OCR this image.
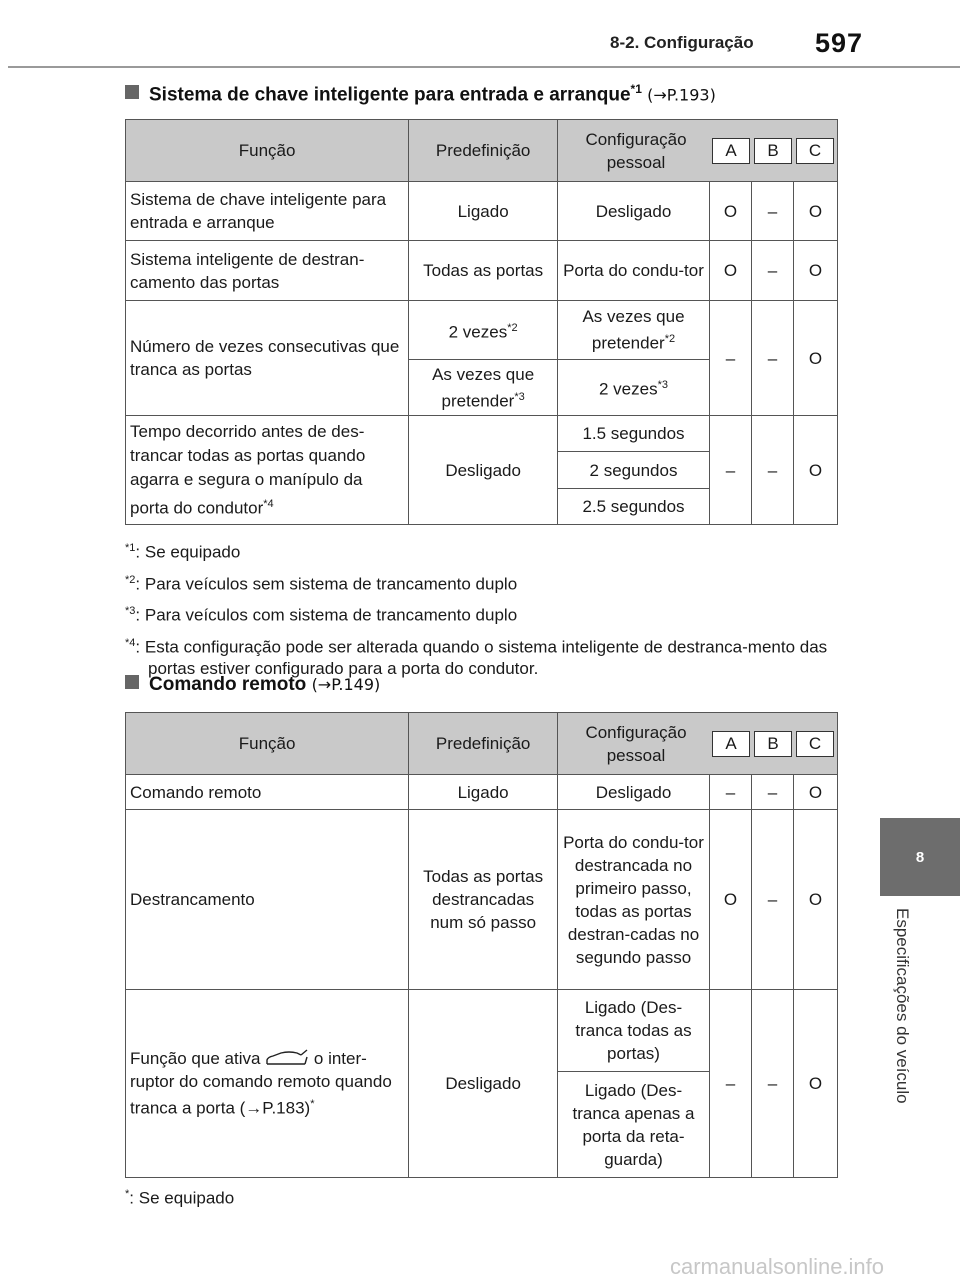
8-2. Configuração 597
8
Especificações do veículo
Sistema de chave inteligente para entrada e arranque$^{*1}$ (→P.193)
Função	Predefinição	Configuração pessoal
A B C			

Sistema de chave inteligente para entrada e arranque	Ligado	Desligado	O	–	O
Sistema inteligente de destran-camento das portas	Todas as portas	Porta do condu-tor	O	–	O
Número de vezes consecutivas que tranca as portas	2 vezes$^{*2}$	As vezes que pretender$^{*2}$	–	–	O
	As vezes que pretender$^{*3}$	2 vezes$^{*3}$
Tempo decorrido antes de des-trancar todas as portas quando agarra e segura o manípulo da porta do condutor$^{*4}$	Desligado	1.5 segundos	–	–	O
		2 segundos			
		2.5 segundos			

$^{*1}$: Se equipado

$^{*2}$: Para veículos sem sistema de trancamento duplo

$^{*3}$: Para veículos com sistema de trancamento duplo

$^{*4}$: Esta configuração pode ser alterada quando o sistema inteligente de destranca-mento das portas estiver configurado para a porta do condutor.

Comando remoto (→P.149)
Função	Predefinição	Configuração pessoal
A B C			

Comando remoto	Ligado	Desligado	–	–	O
Destrancamento	Todas as portas destrancadas num só passo	Porta do condu-tor destrancada no primeiro passo, todas as portas destran-cadas no segundo passo	O	–	O
Função que ativa o inter-ruptor do comando remoto quando tranca a porta (→P.183)*	Desligado	Ligado (Des-tranca todas as portas)	–	–	O
		Ligado (Des-tranca apenas a porta da reta-guarda)			

*: Se equipado

carmanualsonline.info
